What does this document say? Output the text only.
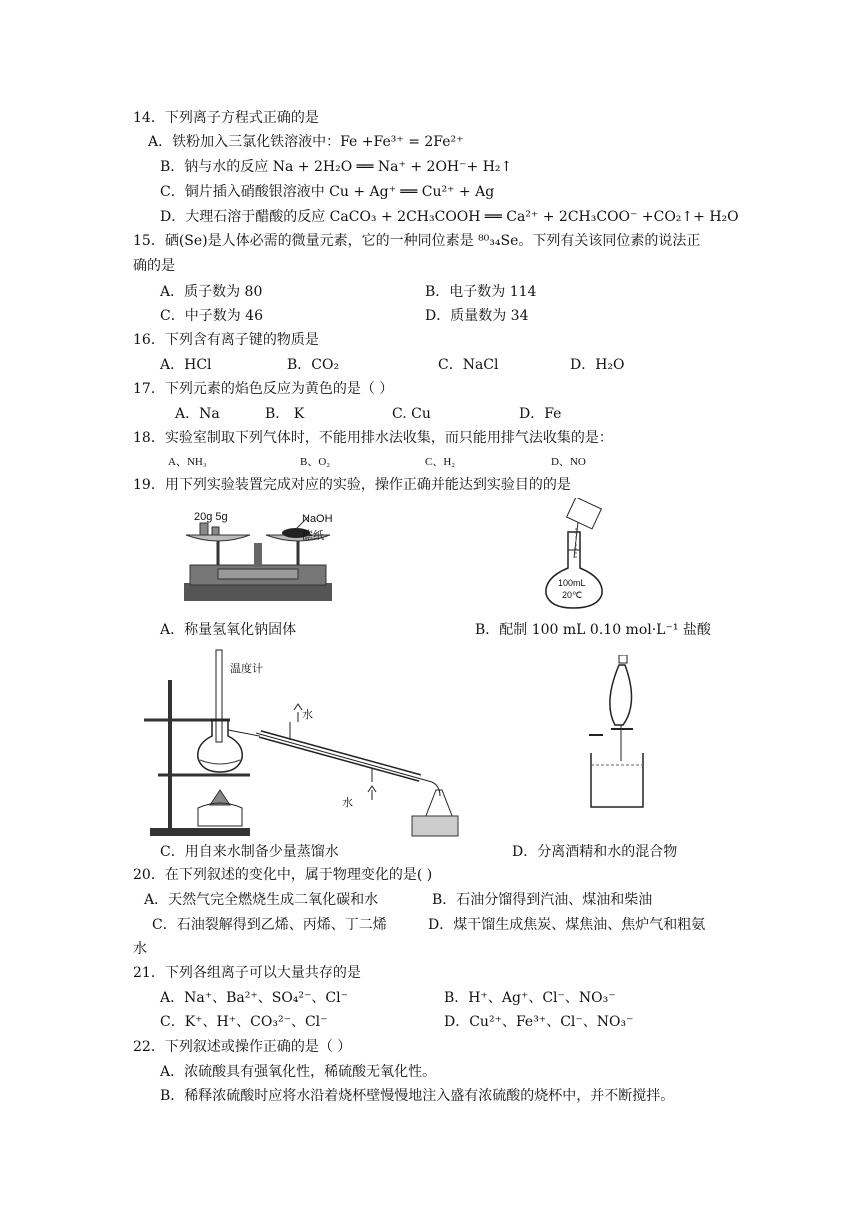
14．下列离子方程式正确的是
A．铁粉加入三氯化铁溶液中：Fe +Fe³⁺ = 2Fe²⁺
B．钠与水的反应 Na + 2H₂O ══ Na⁺ + 2OH⁻+ H₂↑
C．铜片插入硝酸银溶液中 Cu + Ag⁺ ══ Cu²⁺ + Ag
D．大理石溶于醋酸的反应 CaCO₃ + 2CH₃COOH ══ Ca²⁺ + 2CH₃COO⁻ +CO₂↑+ H₂O
15．硒(Se)是人体必需的微量元素，它的一种同位素是 ⁸⁰₃₄Se。下列有关该同位素的说法正
确的是
A．质子数为 80	B．电子数为 114
C．中子数为 46	D．质量数为 34
16．下列含有离子键的物质是
A．HCl	B．CO₂	C．NaCl	D．H₂O
17．下列元素的焰色反应为黄色的是（ ）
A．Na	B． K	C. Cu	D．Fe
18．实验室制取下列气体时，不能用排水法收集，而只能用排气法收集的是：
A、NH₃	B、O₂	C、H₂	D、NO
19．用下列实验装置完成对应的实验，操作正确并能达到实验目的的是
20g 5g	NaOH
滤纸
100mL
20℃
A．称量氢氧化钠固体	B．配制 100 mL 0.10 mol·L⁻¹ 盐酸
温度计
水
水
C．用自来水制备少量蒸馏水	D．分离酒精和水的混合物
20．在下列叙述的变化中，属于物理变化的是( )
A．天然气完全燃烧生成二氧化碳和水	B．石油分馏得到汽油、煤油和柴油
C．石油裂解得到乙烯、丙烯、丁二烯	D．煤干馏生成焦炭、煤焦油、焦炉气和粗氨
水
21．下列各组离子可以大量共存的是
A．Na⁺、Ba²⁺、SO₄²⁻、Cl⁻	B．H⁺、Ag⁺、Cl⁻、NO₃⁻
C．K⁺、H⁺、CO₃²⁻、Cl⁻	D．Cu²⁺、Fe³⁺、Cl⁻、NO₃⁻
22．下列叙述或操作正确的是（ ）
A．浓硫酸具有强氧化性，稀硫酸无氧化性。
B．稀释浓硫酸时应将水沿着烧杯壁慢慢地注入盛有浓硫酸的烧杯中，并不断搅拌。
